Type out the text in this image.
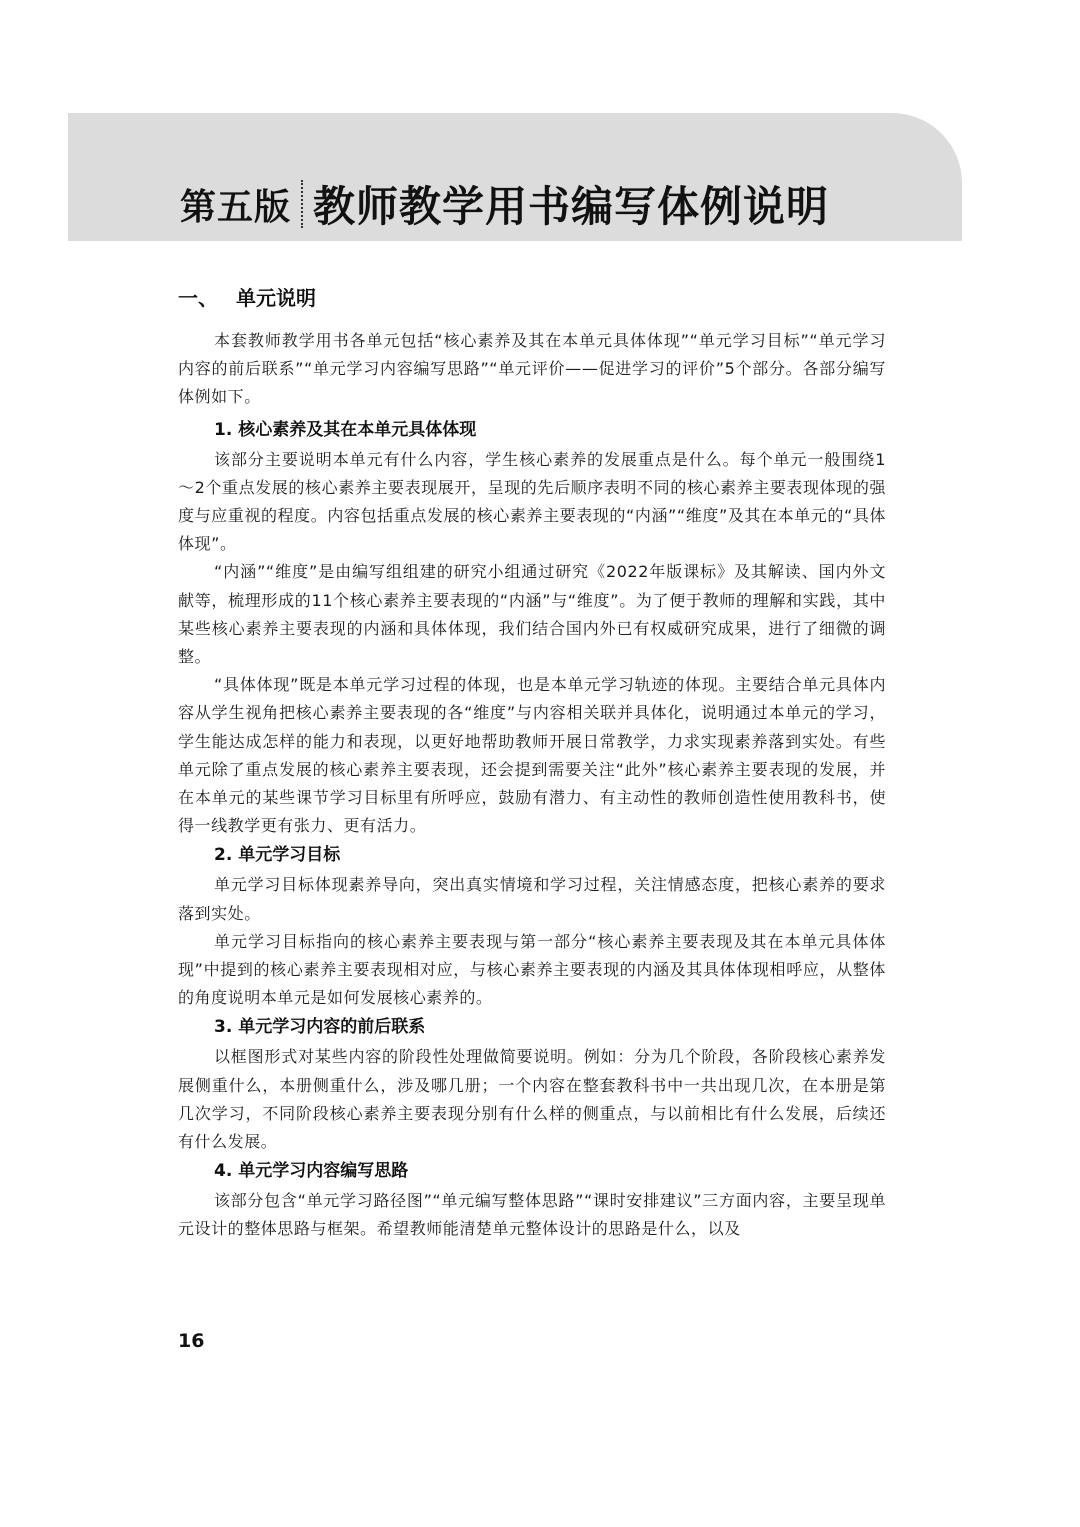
第五版 教师教学用书编写体例说明
一、 单元说明

本套教师教学用书各单元包括“核心素养及其在本单元具体体现”“单元学习目标”“单元学习内容的前后联系”“单元学习内容编写思路”“单元评价——促进学习的评价”5个部分。各部分编写体例如下。

1. 核心素养及其在本单元具体体现

该部分主要说明本单元有什么内容，学生核心素养的发展重点是什么。每个单元一般围绕1～2个重点发展的核心素养主要表现展开，呈现的先后顺序表明不同的核心素养主要表现体现的强度与应重视的程度。内容包括重点发展的核心素养主要表现的“内涵”“维度”及其在本单元的“具体体现”。

“内涵”“维度”是由编写组组建的研究小组通过研究《2022年版课标》及其解读、国内外文献等，梳理形成的11个核心素养主要表现的“内涵”与“维度”。为了便于教师的理解和实践，其中某些核心素养主要表现的内涵和具体体现，我们结合国内外已有权威研究成果，进行了细微的调整。

“具体体现”既是本单元学习过程的体现，也是本单元学习轨迹的体现。主要结合单元具体内容从学生视角把核心素养主要表现的各“维度”与内容相关联并具体化，说明通过本单元的学习，学生能达成怎样的能力和表现，以更好地帮助教师开展日常教学，力求实现素养落到实处。有些单元除了重点发展的核心素养主要表现，还会提到需要关注“此外”核心素养主要表现的发展，并在本单元的某些课节学习目标里有所呼应，鼓励有潜力、有主动性的教师创造性使用教科书，使得一线教学更有张力、更有活力。

2. 单元学习目标

单元学习目标体现素养导向，突出真实情境和学习过程，关注情感态度，把核心素养的要求落到实处。

单元学习目标指向的核心素养主要表现与第一部分“核心素养主要表现及其在本单元具体体现”中提到的核心素养主要表现相对应，与核心素养主要表现的内涵及其具体体现相呼应，从整体的角度说明本单元是如何发展核心素养的。

3. 单元学习内容的前后联系

以框图形式对某些内容的阶段性处理做简要说明。例如：分为几个阶段，各阶段核心素养发展侧重什么，本册侧重什么，涉及哪几册；一个内容在整套教科书中一共出现几次，在本册是第几次学习，不同阶段核心素养主要表现分别有什么样的侧重点，与以前相比有什么发展，后续还有什么发展。

4. 单元学习内容编写思路

该部分包含“单元学习路径图”“单元编写整体思路”“课时安排建议”三方面内容，主要呈现单元设计的整体思路与框架。希望教师能清楚单元整体设计的思路是什么，以及

16
